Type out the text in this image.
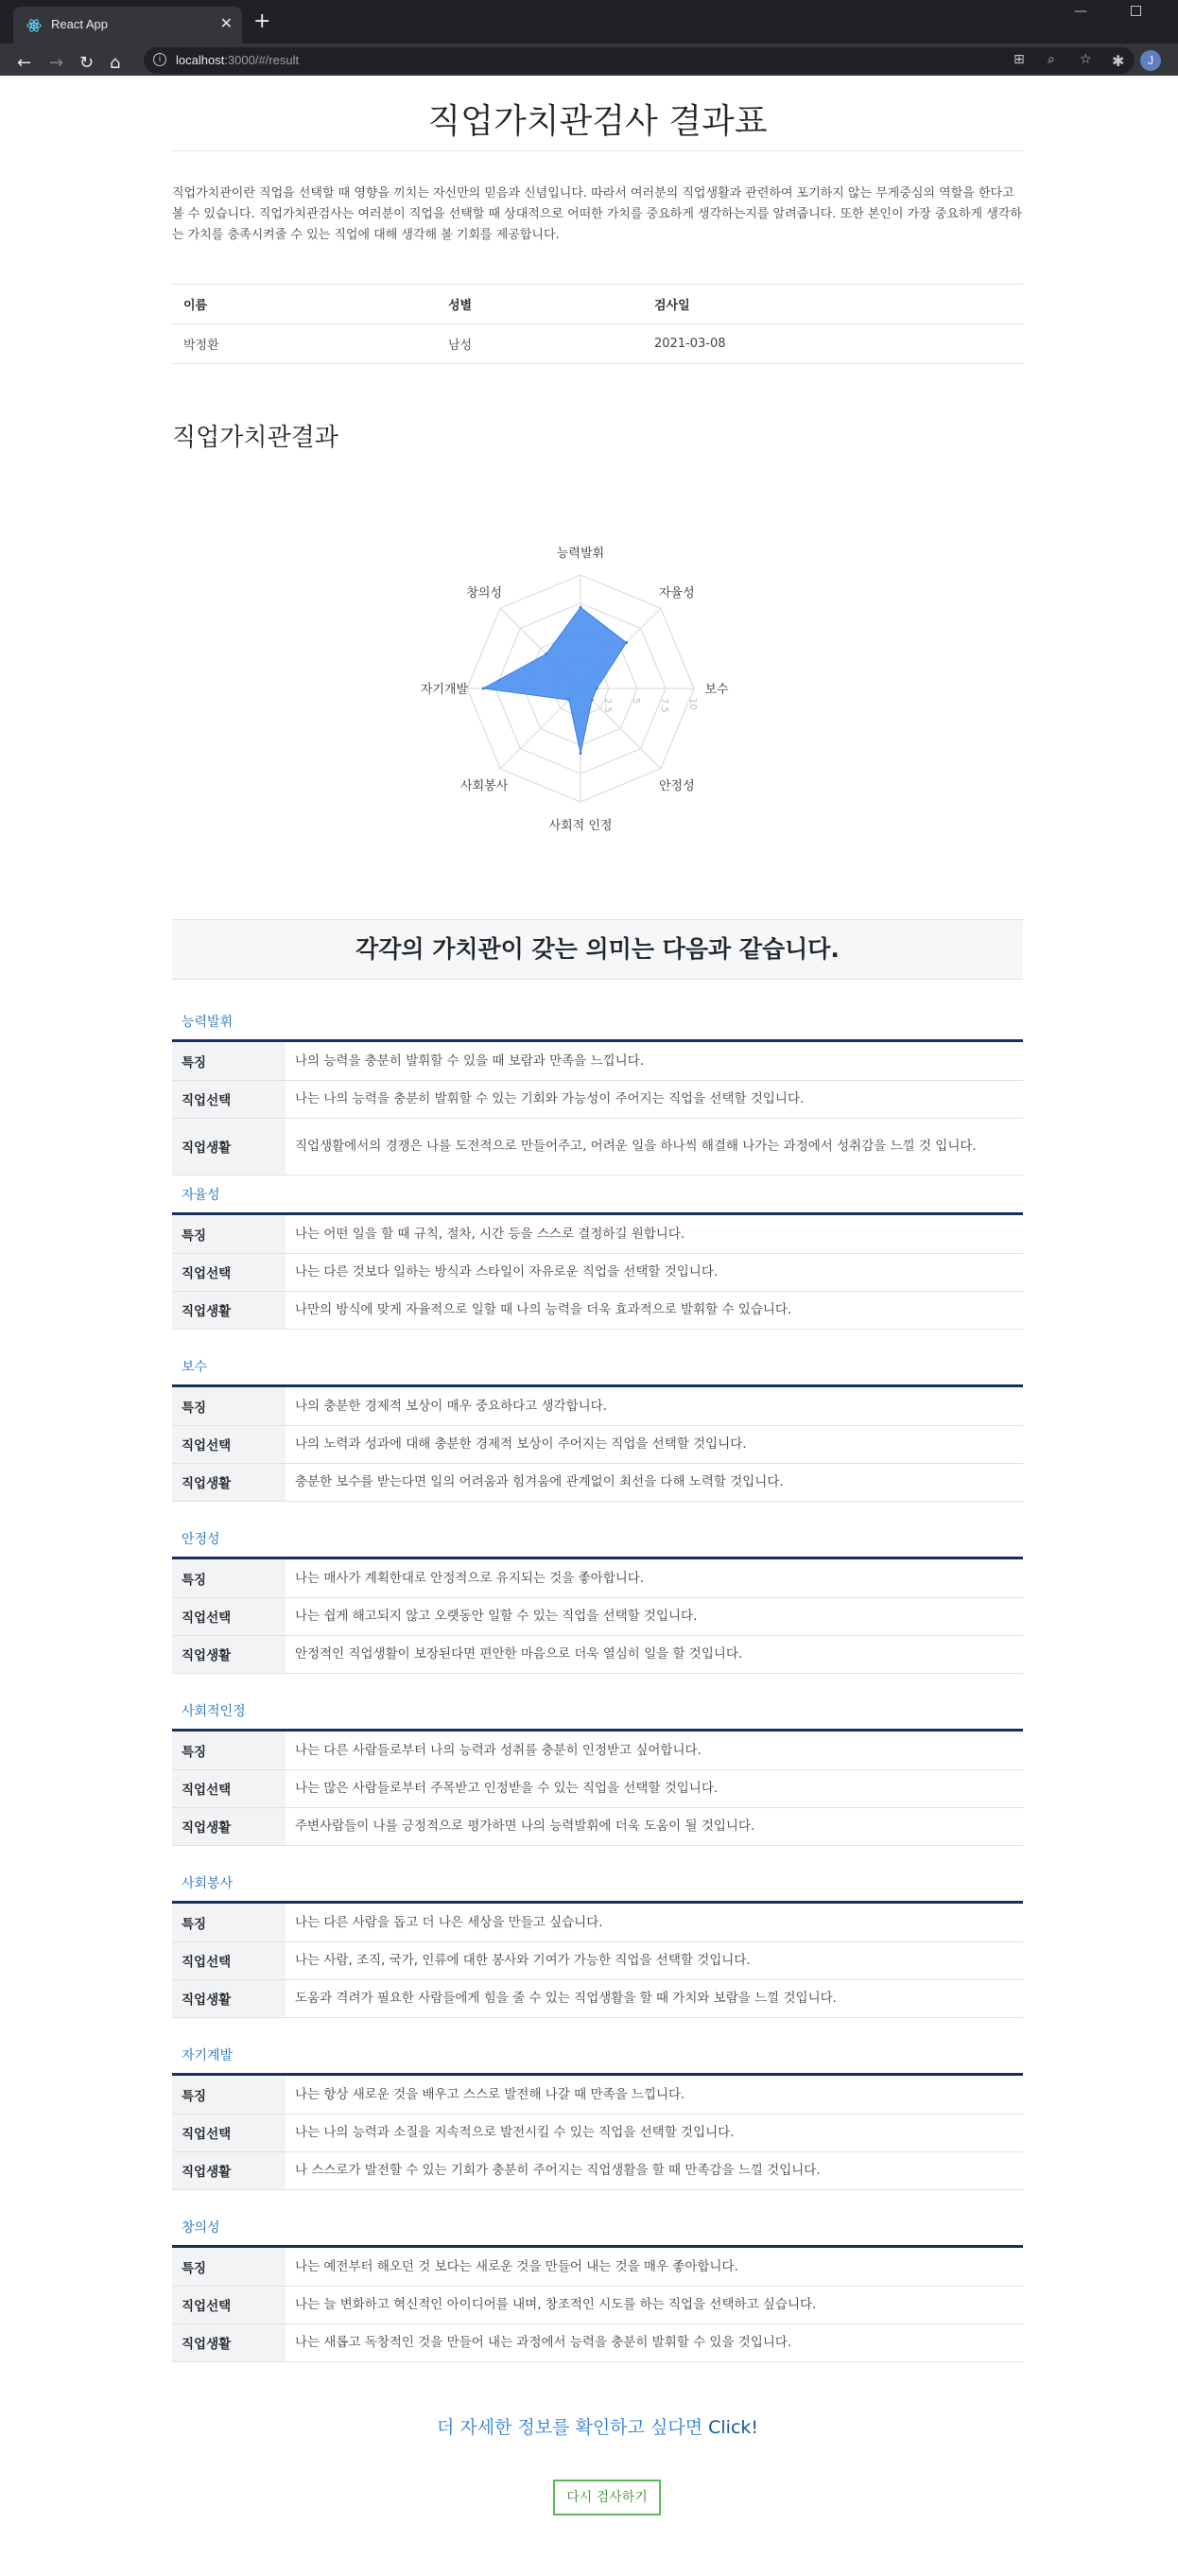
React App	✕ +	—
← → ↻ ⌂	i	localhost:3000/#/result	⊞ ⌕ ☆ ✱	J
직업가치관검사 결과표

직업가치관이란 직업을 선택할 때 영향을 끼치는 자신만의 믿음과 신념입니다. 따라서 여러분의 직업생활과 관련하여 포기하지 않는 무게중심의 역할을 한다고 볼 수 있습니다. 직업가치관검사는 여러분이 직업을 선택할 때 상대적으로 어떠한 가치를 중요하게 생각하는지를 알려줍니다. 또한 본인이 가장 중요하게 생각하는 가치를 충족시켜줄 수 있는 직업에 대해 생각해 볼 기회를 제공합니다.

이름	성별	검사일
박정환	남성	2021-03-08
직업가치관결과
2.5 5 7.5 10
능력발휘
자율성
보수
안정성
사회적 인정
사회봉사
자기개발
창의성
각각의 가치관이 갖는 의미는 다음과 같습니다.
능력발휘
특징	나의 능력을 충분히 발휘할 수 있을 때 보람과 만족을 느낍니다.
직업선택	나는 나의 능력을 충분히 발휘할 수 있는 기회와 가능성이 주어지는 직업을 선택할 것입니다.
직업생활	직업생활에서의 경쟁은 나를 도전적으로 만들어주고, 어려운 일을 하나씩 해결해 나가는 과정에서 성취감을 느낄 것 입니다.
자율성
특징	나는 어떤 일을 할 때 규칙, 절차, 시간 등을 스스로 결정하길 원합니다.
직업선택	나는 다른 것보다 일하는 방식과 스타일이 자유로운 직업을 선택할 것입니다.
직업생활	나만의 방식에 맞게 자율적으로 일할 때 나의 능력을 더욱 효과적으로 발휘할 수 있습니다.
보수
특징	나의 충분한 경제적 보상이 매우 중요하다고 생각합니다.
직업선택	나의 노력과 성과에 대해 충분한 경제적 보상이 주어지는 직업을 선택할 것입니다.
직업생활	충분한 보수를 받는다면 일의 어려움과 힘겨움에 관계없이 최선을 다해 노력할 것입니다.
안정성
특징	나는 매사가 계획한대로 안정적으로 유지되는 것을 좋아합니다.
직업선택	나는 쉽게 해고되지 않고 오랫동안 일할 수 있는 직업을 선택할 것입니다.
직업생활	안정적인 직업생활이 보장된다면 편안한 마음으로 더욱 열심히 일을 할 것입니다.
사회적인정
특징	나는 다른 사람들로부터 나의 능력과 성취를 충분히 인정받고 싶어합니다.
직업선택	나는 많은 사람들로부터 주목받고 인정받을 수 있는 직업을 선택할 것입니다.
직업생활	주변사람들이 나를 긍정적으로 평가하면 나의 능력발휘에 더욱 도움이 될 것입니다.
사회봉사
특징	나는 다른 사람을 돕고 더 나은 세상을 만들고 싶습니다.
직업선택	나는 사람, 조직, 국가, 인류에 대한 봉사와 기여가 가능한 직업을 선택할 것입니다.
직업생활	도움과 격려가 필요한 사람들에게 힘을 줄 수 있는 직업생활을 할 때 가치와 보람을 느낄 것입니다.
자기계발
특징	나는 항상 새로운 것을 배우고 스스로 발전해 나갈 때 만족을 느낍니다.
직업선택	나는 나의 능력과 소질을 지속적으로 발전시킬 수 있는 직업을 선택할 것입니다.
직업생활	나 스스로가 발전할 수 있는 기회가 충분히 주어지는 직업생활을 할 때 만족감을 느낄 것입니다.
창의성
특징	나는 예전부터 해오던 것 보다는 새로운 것을 만들어 내는 것을 매우 좋아합니다.
직업선택	나는 늘 변화하고 혁신적인 아이디어를 내며, 창조적인 시도를 하는 직업을 선택하고 싶습니다.
직업생활	나는 새롭고 독창적인 것을 만들어 내는 과정에서 능력을 충분히 발휘할 수 있을 것입니다.
더 자세한 정보를 확인하고 싶다면 Click!
다시 검사하기
